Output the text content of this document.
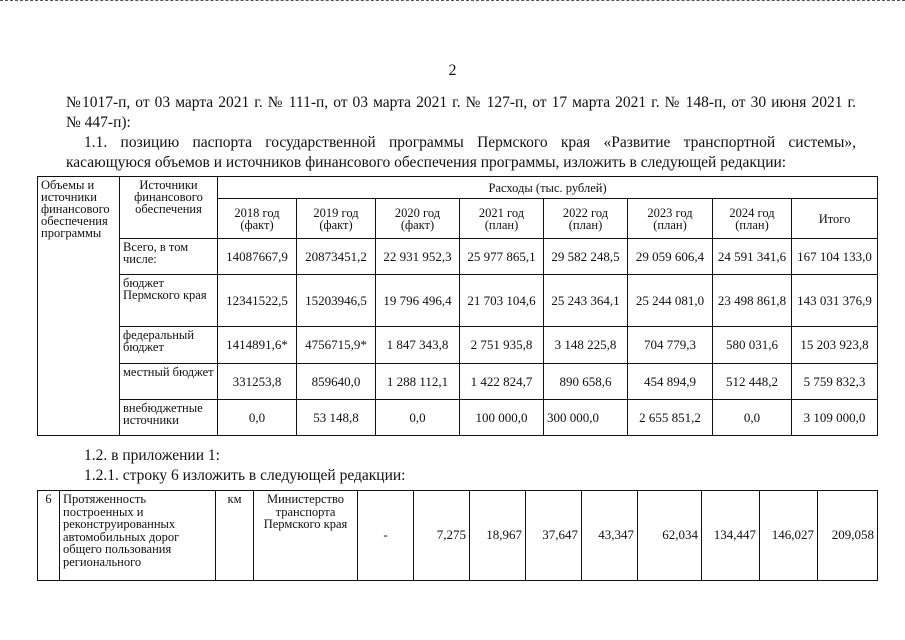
2
№1017-п, от 03 марта 2021 г. № 111-п, от 03 марта 2021 г. № 127-п, от 17 марта 2021 г. № 148-п, от 30 июня 2021 г.
№ 447-п):
1.1. позицию паспорта государственной программы Пермского края «Развитие транспортной системы»,
касающуюся объемов и источников финансового обеспечения программы, изложить в следующей редакции:
Объемы и источники финансового обеспечения программы	Источники финансового обеспечения	Расходы (тыс. рублей)							
		2018 год (факт)	2019 год (факт)	2020 год (факт)	2021 год (план)	2022 год (план)	2023 год (план)	2024 год (план)	Итого
	Всего, в том числе:	14087667,9	20873451,2	22 931 952,3	25 977 865,1	29 582 248,5	29 059 606,4	24 591 341,6	167 104 133,0
	бюджет Пермского края	12341522,5	15203946,5	19 796 496,4	21 703 104,6	25 243 364,1	25 244 081,0	23 498 861,8	143 031 376,9
	федеральный бюджет	1414891,6*	4756715,9*	1 847 343,8	2 751 935,8	3 148 225,8	704 779,3	580 031,6	15 203 923,8
	местный бюджет	331253,8	859640,0	1 288 112,1	1 422 824,7	890 658,6	454 894,9	512 448,2	5 759 832,3
	внебюджетные источники	0,0	53 148,8	0,0	100 000,0	300 000,0	2 655 851,2	0,0	3 109 000,0
1.2. в приложении 1:
1.2.1. строку 6 изложить в следующей редакции:
6	Протяженность построенных и реконструированных автомобильных дорог общего пользования регионального	км	Министерство транспорта Пермского края	-	7,275	18,967	37,647	43,347	62,034	134,447	146,027	209,058
